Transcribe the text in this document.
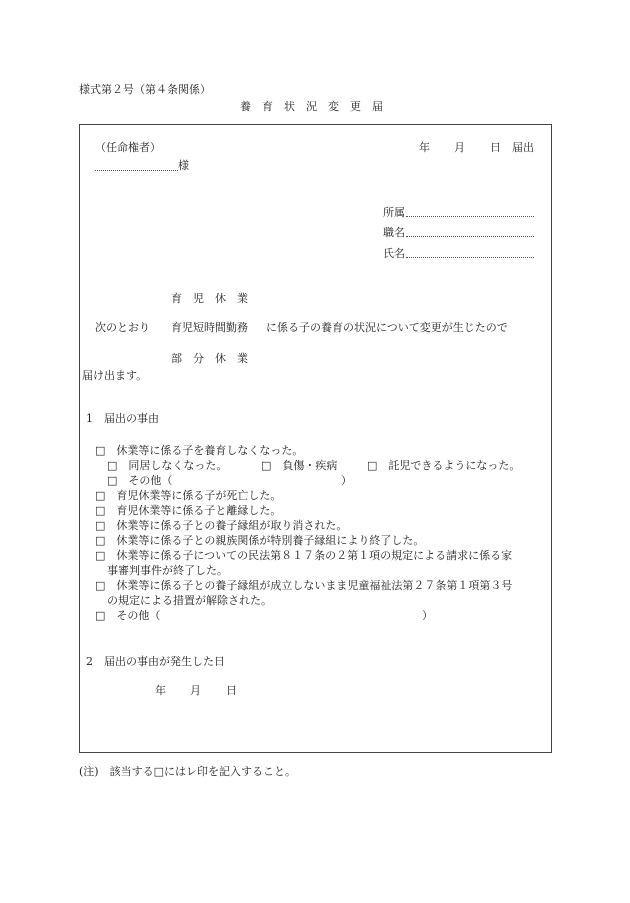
様式第２号（第４条関係）
養育状況変更届
（任命権者）	年 月 日 届出
様
所属
職名
氏名
育　児　休　業
次のとおり 育児短時間勤務 に係る子の養育の状況について変更が生じたので
部　分　休　業
届け出ます。
1　届出の事由
□　休業等に係る子を養育しなくなった。
□　同居しなくなった。	□　負傷・疾病	□　託児できるようになった。
□　その他（	）
□　育児休業等に係る子が死亡した。
□　育児休業等に係る子と離縁した。
□　休業等に係る子との養子縁組が取り消された。
□　休業等に係る子との親族関係が特別養子縁組により終了した。
□　休業等に係る子についての民法第８１７条の２第１項の規定による請求に係る家
事審判事件が終了した。
□　休業等に係る子との養子縁組が成立しないまま児童福祉法第２７条第１項第３号
の規定による措置が解除された。
□　その他（	）
2　届出の事由が発生した日
年 月 日
(注)　該当する□にはレ印を記入すること。
